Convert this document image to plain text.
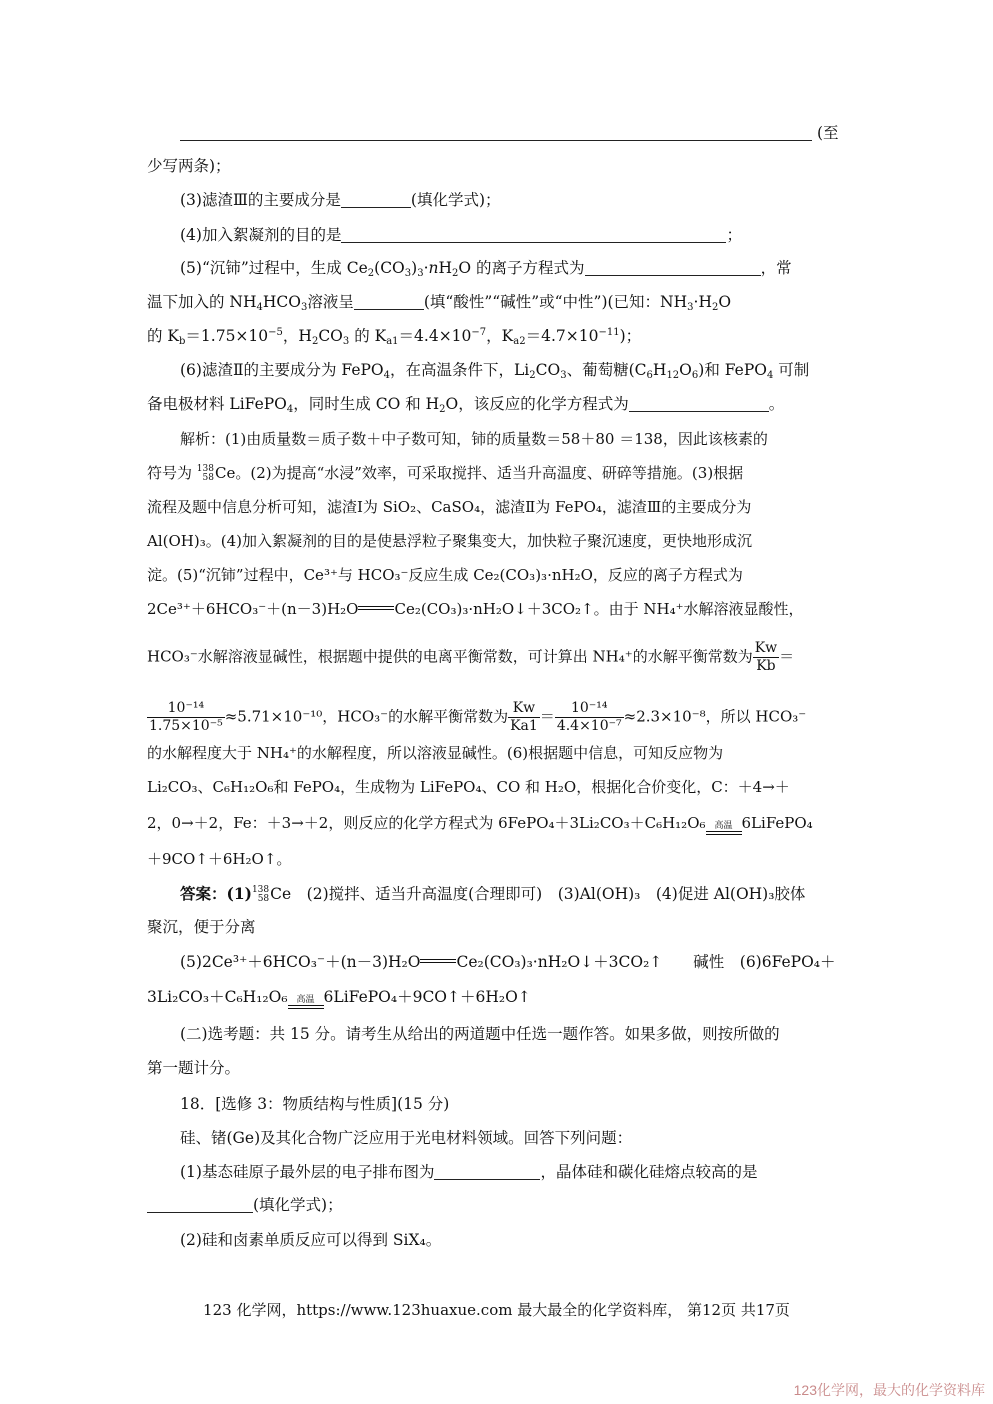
(至
少写两条)；
(3)滤渣Ⅲ的主要成分是	(填化学式)；
(4)加入絮凝剂的目的是	；
(5)“沉铈”过程中，生成 $Ce_2(CO_3)_3\cdot nH_2O$ 的离子方程式为	，常
温下加入的 $NH_4HCO_3$溶液呈	(填“酸性”“碱性”或“中性”)(已知：$NH_3\cdot H_2O$
的 $K_b=1.75\times 10^{-5}$，$H_2CO_3$ 的 $K_{a1}=4.4\times 10^{-7}$，$K_{a2}=4.7\times 10^{-11}$)；
(6)滤渣Ⅱ的主要成分为 FePO$_4$，在高温条件下，$Li_2CO_3$、葡萄糖$(C_6H_{12}O_6)$和 FePO$_4$ 可制
备电极材料 LiFePO$_4$，同时生成 CO 和 $H_2O$，该反应的化学方程式为	。
解析：(1)由质量数＝质子数＋中子数可知，铈的质量数＝58＋80 ＝138，因此该核素的
符号为 138
58 Ce。(2)为提高“水浸”效率，可采取搅拌、适当升高温度、研碎等措施。(3)根据
流程及题中信息分析可知，滤渣Ⅰ为 SiO₂、CaSO₄，滤渣Ⅱ为 FePO₄，滤渣Ⅲ的主要成分为
Al(OH)₃。(4)加入絮凝剂的目的是使悬浮粒子聚集变大，加快粒子聚沉速度，更快地形成沉
淀。(5)“沉铈”过程中，Ce³⁺与 HCO₃⁻反应生成 Ce₂(CO₃)₃·nH₂O，反应的离子方程式为
2Ce³⁺＋6HCO₃⁻＋(n－3)H₂O Ce₂(CO₃)₃·nH₂O↓＋3CO₂↑。由于 NH₄⁺水解溶液显酸性，
HCO₃⁻水解溶液显碱性，根据题中提供的电离平衡常数，可计算出 NH₄⁺的水解平衡常数为 $\frac{Kw}{Kb}$ ＝
$\frac{\text{10⁻¹⁴}}{\text{1.75×10⁻⁵}} \approx 5.71\times 10^{-10}$，HCO₃⁻的水解平衡常数为 $\frac{Kw}{Ka1} = \frac{\text{10⁻¹⁴}}{\text{4.4×10⁻⁷}} \approx 2.3\times 10^{-8}$，所以 HCO₃⁻
的水解程度大于 NH₄⁺的水解程度，所以溶液显碱性。(6)根据题中信息，可知反应物为
Li₂CO₃、C₆H₁₂O₆和 FePO₄，生成物为 LiFePO₄、CO 和 H₂O，根据化合价变化，C：＋4→＋
2，0→＋2，Fe：＋3→＋2，则反应的化学方程式为 6FePO₄＋3Li₂CO₃＋C₆H₁₂O₆ 高温 6LiFePO₄
＋9CO↑＋6H₂O↑。
答案：(1) 138
58 Ce　(2)搅拌、适当升高温度(合理即可)　(3)Al(OH)₃　(4)促进 Al(OH)₃胶体
聚沉，便于分离
(5)2Ce³⁺＋6HCO₃⁻＋(n－3)H₂O Ce₂(CO₃)₃·nH₂O↓＋3CO₂↑　　碱性　(6)6FePO₄＋
3Li₂CO₃＋C₆H₁₂O₆ 高温 6LiFePO₄＋9CO↑＋6H₂O↑
(二)选考题：共 15 分。请考生从给出的两道题中任选一题作答。如果多做，则按所做的
第一题计分。
18．[选修 3：物质结构与性质](15 分)
硅、锗(Ge)及其化合物广泛应用于光电材料领域。回答下列问题：
(1)基态硅原子最外层的电子排布图为	，晶体硅和碳化硅熔点较高的是
(填化学式)；
(2)硅和卤素单质反应可以得到 SiX₄。
123 化学网，https://www.123huaxue.com 最大最全的化学资料库， 第12页 共17页
123化学网，最大的化学资料库
